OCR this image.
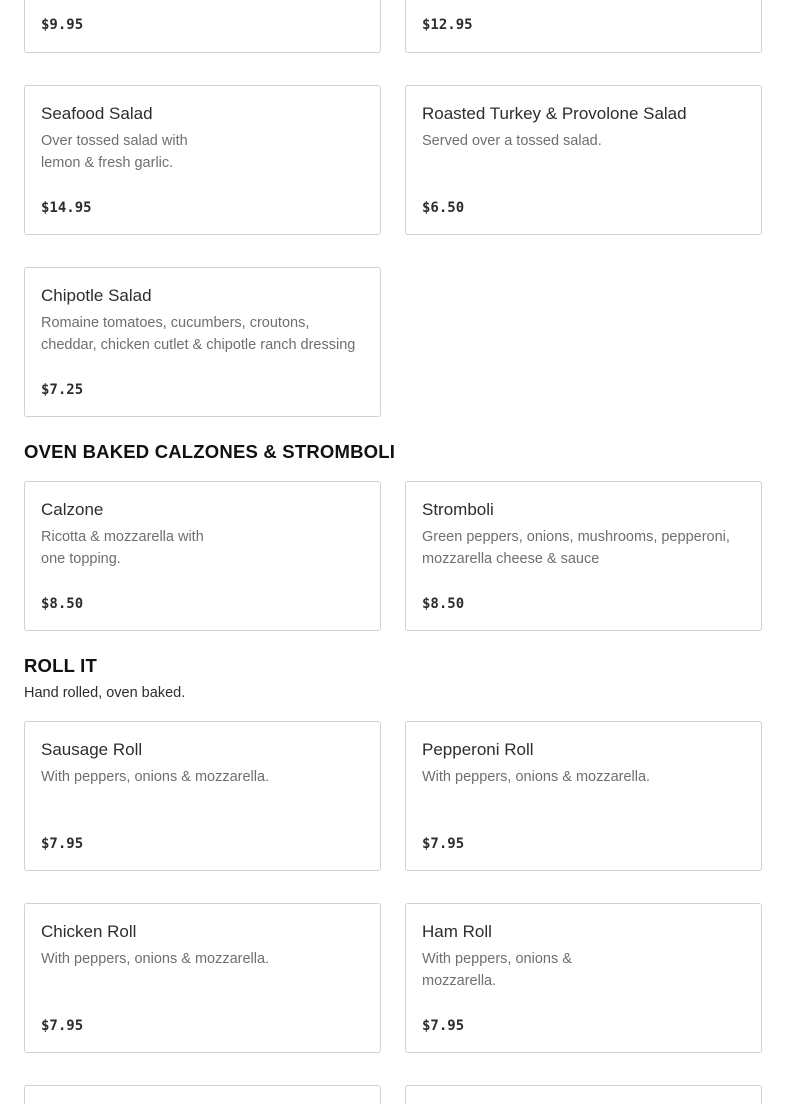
$9.95	$12.95

Seafood Salad

Over tossed salad with lemon & fresh garlic.

$14.95

Roasted Turkey & Provolone Salad

Served over a tossed salad.

$6.50

Chipotle Salad

Romaine tomatoes, cucumbers, croutons, cheddar, chicken cutlet & chipotle ranch dressing

$7.25
OVEN BAKED CALZONES & STROMBOLI

Calzone

Ricotta & mozzarella with one topping.

$8.50

Stromboli

Green peppers, onions, mushrooms, pepperoni, mozzarella cheese & sauce

$8.50
ROLL IT

Hand rolled, oven baked.

Sausage Roll

With peppers, onions & mozzarella.

$7.95

Pepperoni Roll

With peppers, onions & mozzarella.

$7.95

Chicken Roll

With peppers, onions & mozzarella.

$7.95

Ham Roll

With peppers, onions & mozzarella.

$7.95
